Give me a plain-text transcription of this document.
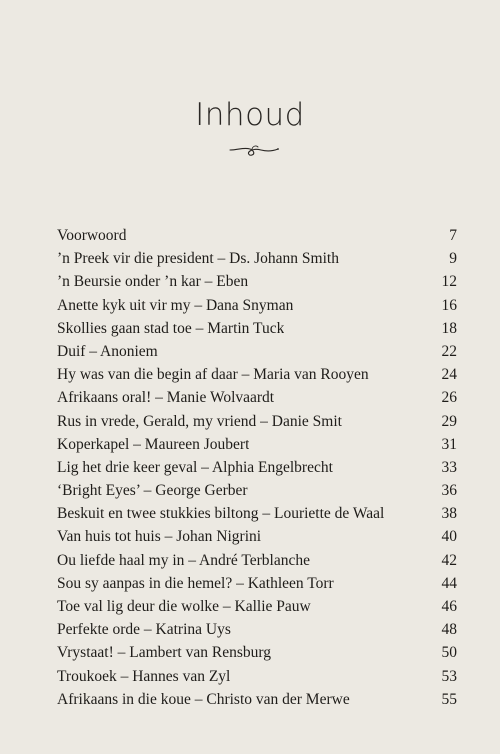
Inhoud
Voorwoord	7
’n Preek vir die president – Ds. Johann Smith	9
’n Beursie onder ’n kar – Eben	12
Anette kyk uit vir my – Dana Snyman	16
Skollies gaan stad toe – Martin Tuck	18
Duif – Anoniem	22
Hy was van die begin af daar – Maria van Rooyen	24
Afrikaans oral! – Manie Wolvaardt	26
Rus in vrede, Gerald, my vriend – Danie Smit	29
Koperkapel – Maureen Joubert	31
Lig het drie keer geval – Alphia Engelbrecht	33
‘Bright Eyes’ – George Gerber	36
Beskuit en twee stukkies biltong – Louriette de Waal	38
Van huis tot huis – Johan Nigrini	40
Ou liefde haal my in – André Terblanche	42
Sou sy aanpas in die hemel? – Kathleen Torr	44
Toe val lig deur die wolke – Kallie Pauw	46
Perfekte orde – Katrina Uys	48
Vrystaat! – Lambert van Rensburg	50
Troukoek – Hannes van Zyl	53
Afrikaans in die koue – Christo van der Merwe	55
